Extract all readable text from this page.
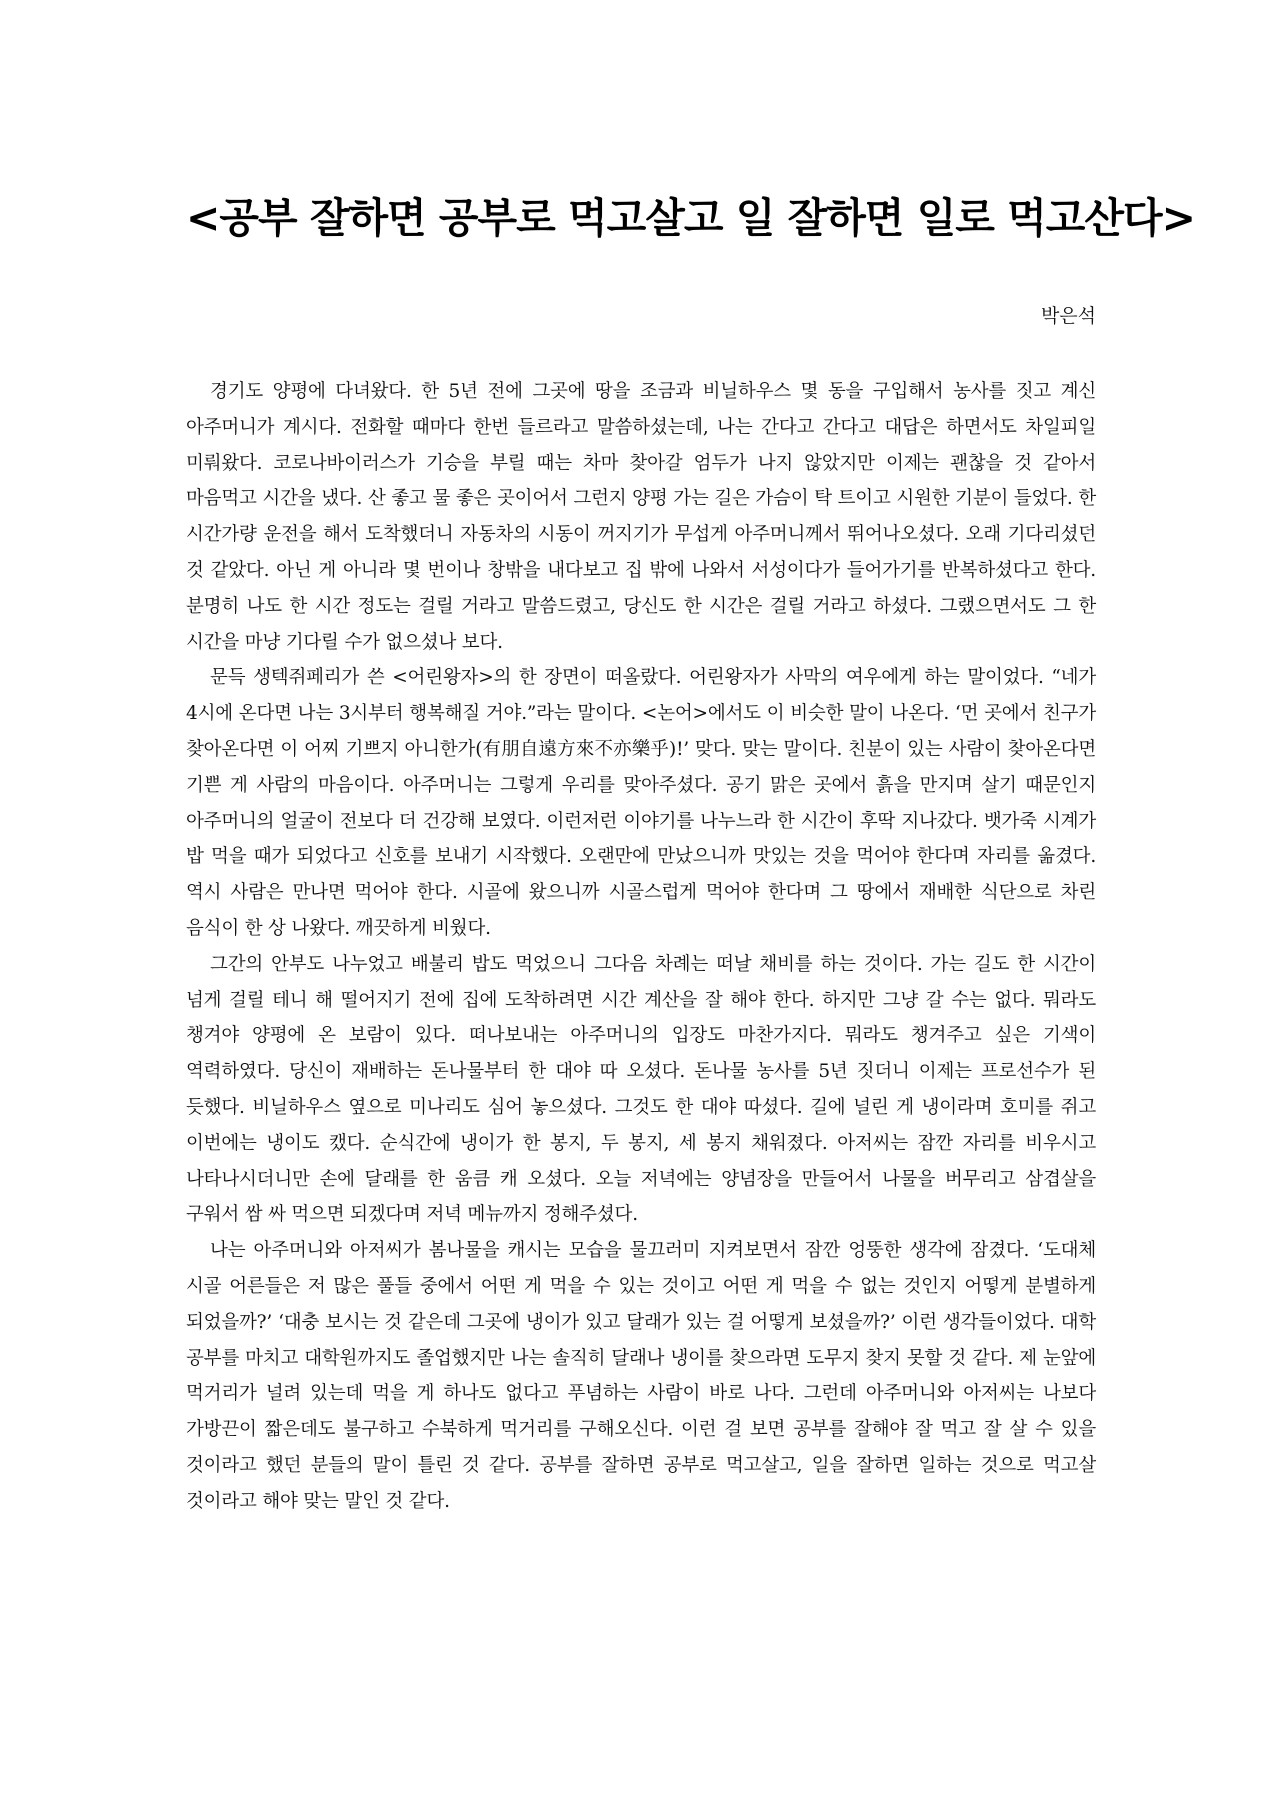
<공부 잘하면 공부로 먹고살고 일 잘하면 일로 먹고산다>
박은석

경기도 양평에 다녀왔다. 한 5년 전에 그곳에 땅을 조금과 비닐하우스 몇 동을 구입해서 농사를 짓고 계신 아주머니가 계시다. 전화할 때마다 한번 들르라고 말씀하셨는데, 나는 간다고 간다고 대답은 하면서도 차일피일 미뤄왔다. 코로나바이러스가 기승을 부릴 때는 차마 찾아갈 엄두가 나지 않았지만 이제는 괜찮을 것 같아서 마음먹고 시간을 냈다. 산 좋고 물 좋은 곳이어서 그런지 양평 가는 길은 가슴이 탁 트이고 시원한 기분이 들었다. 한 시간가량 운전을 해서 도착했더니 자동차의 시동이 꺼지기가 무섭게 아주머니께서 뛰어나오셨다. 오래 기다리셨던 것 같았다. 아닌 게 아니라 몇 번이나 창밖을 내다보고 집 밖에 나와서 서성이다가 들어가기를 반복하셨다고 한다. 분명히 나도 한 시간 정도는 걸릴 거라고 말씀드렸고, 당신도 한 시간은 걸릴 거라고 하셨다. 그랬으면서도 그 한 시간을 마냥 기다릴 수가 없으셨나 보다.

문득 생텍쥐페리가 쓴 <어린왕자>의 한 장면이 떠올랐다. 어린왕자가 사막의 여우에게 하는 말이었다. “네가 4시에 온다면 나는 3시부터 행복해질 거야.”라는 말이다. <논어>에서도 이 비슷한 말이 나온다. ‘먼 곳에서 친구가 찾아온다면 이 어찌 기쁘지 아니한가(有朋自遠方來不亦樂乎)!’ 맞다. 맞는 말이다. 친분이 있는 사람이 찾아온다면 기쁜 게 사람의 마음이다. 아주머니는 그렇게 우리를 맞아주셨다. 공기 맑은 곳에서 흙을 만지며 살기 때문인지 아주머니의 얼굴이 전보다 더 건강해 보였다. 이런저런 이야기를 나누느라 한 시간이 후딱 지나갔다. 뱃가죽 시계가 밥 먹을 때가 되었다고 신호를 보내기 시작했다. 오랜만에 만났으니까 맛있는 것을 먹어야 한다며 자리를 옮겼다. 역시 사람은 만나면 먹어야 한다. 시골에 왔으니까 시골스럽게 먹어야 한다며 그 땅에서 재배한 식단으로 차린 음식이 한 상 나왔다. 깨끗하게 비웠다.

그간의 안부도 나누었고 배불리 밥도 먹었으니 그다음 차례는 떠날 채비를 하는 것이다. 가는 길도 한 시간이 넘게 걸릴 테니 해 떨어지기 전에 집에 도착하려면 시간 계산을 잘 해야 한다. 하지만 그냥 갈 수는 없다. 뭐라도 챙겨야 양평에 온 보람이 있다. 떠나보내는 아주머니의 입장도 마찬가지다. 뭐라도 챙겨주고 싶은 기색이 역력하였다. 당신이 재배하는 돈나물부터 한 대야 따 오셨다. 돈나물 농사를 5년 짓더니 이제는 프로선수가 된 듯했다. 비닐하우스 옆으로 미나리도 심어 놓으셨다. 그것도 한 대야 따셨다. 길에 널린 게 냉이라며 호미를 쥐고 이번에는 냉이도 캤다. 순식간에 냉이가 한 봉지, 두 봉지, 세 봉지 채워졌다. 아저씨는 잠깐 자리를 비우시고 나타나시더니만 손에 달래를 한 움큼 캐 오셨다. 오늘 저녁에는 양념장을 만들어서 나물을 버무리고 삼겹살을 구워서 쌈 싸 먹으면 되겠다며 저녁 메뉴까지 정해주셨다.

나는 아주머니와 아저씨가 봄나물을 캐시는 모습을 물끄러미 지켜보면서 잠깐 엉뚱한 생각에 잠겼다. ‘도대체 시골 어른들은 저 많은 풀들 중에서 어떤 게 먹을 수 있는 것이고 어떤 게 먹을 수 없는 것인지 어떻게 분별하게 되었을까?’ ‘대충 보시는 것 같은데 그곳에 냉이가 있고 달래가 있는 걸 어떻게 보셨을까?’ 이런 생각들이었다. 대학 공부를 마치고 대학원까지도 졸업했지만 나는 솔직히 달래나 냉이를 찾으라면 도무지 찾지 못할 것 같다. 제 눈앞에 먹거리가 널려 있는데 먹을 게 하나도 없다고 푸념하는 사람이 바로 나다. 그런데 아주머니와 아저씨는 나보다 가방끈이 짧은데도 불구하고 수북하게 먹거리를 구해오신다. 이런 걸 보면 공부를 잘해야 잘 먹고 잘 살 수 있을 것이라고 했던 분들의 말이 틀린 것 같다. 공부를 잘하면 공부로 먹고살고, 일을 잘하면 일하는 것으로 먹고살 것이라고 해야 맞는 말인 것 같다.
